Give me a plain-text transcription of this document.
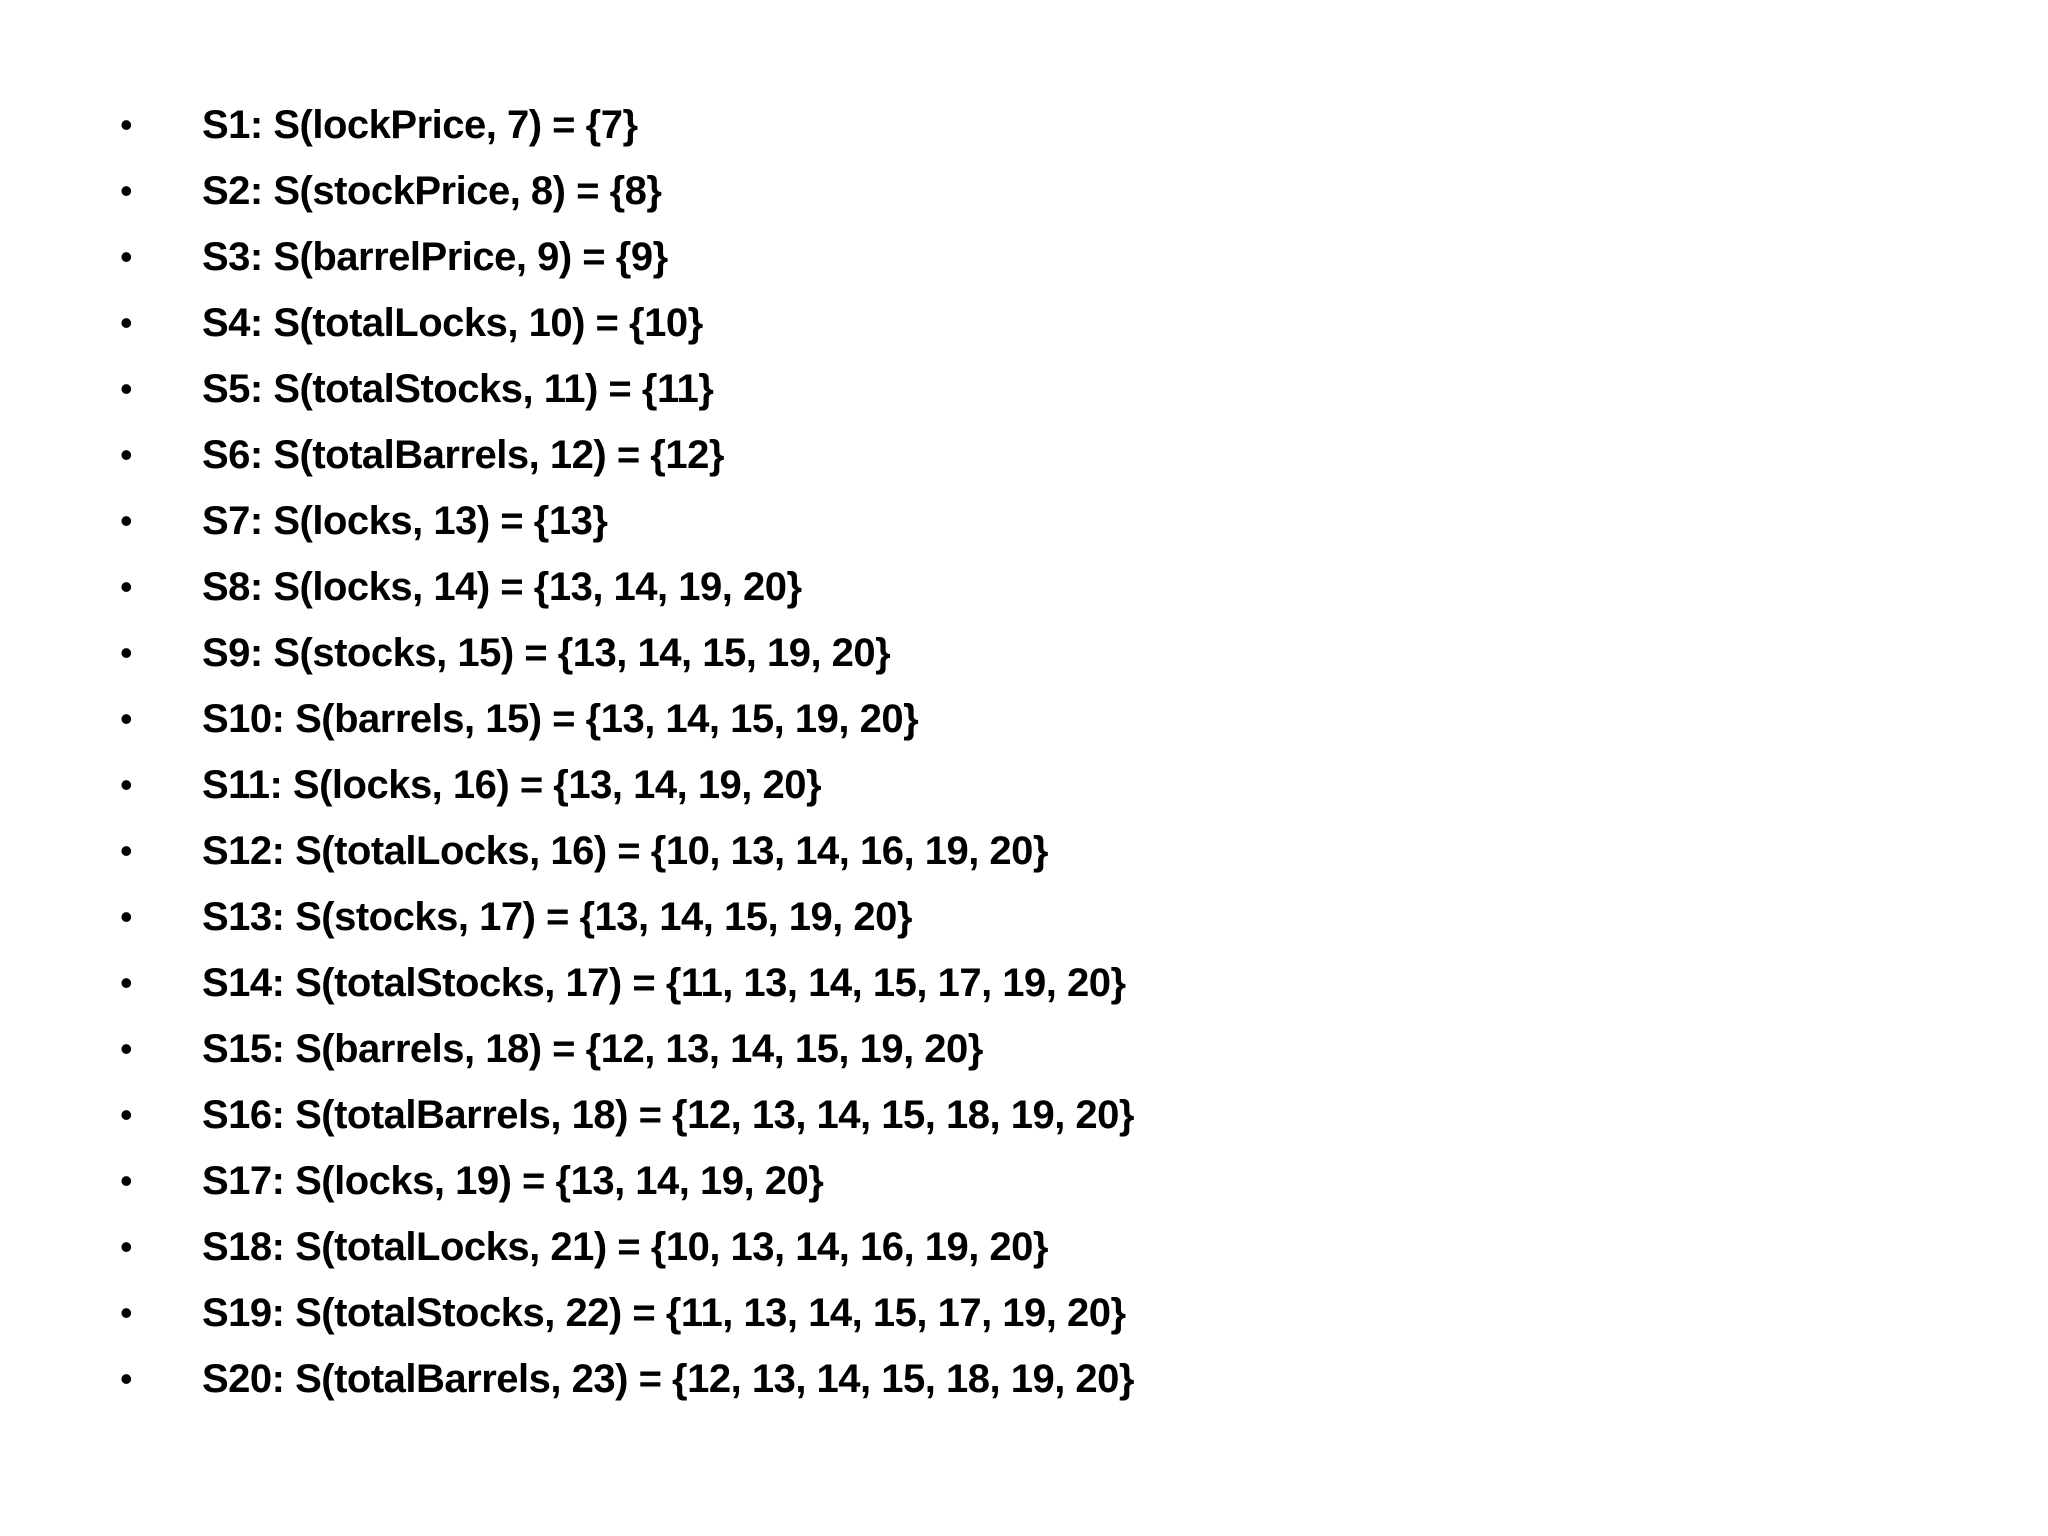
•	S1: S(lockPrice, 7) = {7}
•	S2: S(stockPrice, 8) = {8}
•	S3: S(barrelPrice, 9) = {9}
•	S4: S(totalLocks, 10) = {10}
•	S5: S(totalStocks, 11) = {11}
•	S6: S(totalBarrels, 12) = {12}
•	S7: S(locks, 13) = {13}
•	S8: S(locks, 14) = {13, 14, 19, 20}
•	S9: S(stocks, 15) = {13, 14, 15, 19, 20}
•	S10: S(barrels, 15) = {13, 14, 15, 19, 20}
•	S11: S(locks, 16) = {13, 14, 19, 20}
•	S12: S(totalLocks, 16) = {10, 13, 14, 16, 19, 20}
•	S13: S(stocks, 17) = {13, 14, 15, 19, 20}
•	S14: S(totalStocks, 17) = {11, 13, 14, 15, 17, 19, 20}
•	S15: S(barrels, 18) = {12, 13, 14, 15, 19, 20}
•	S16: S(totalBarrels, 18) = {12, 13, 14, 15, 18, 19, 20}
•	S17: S(locks, 19) = {13, 14, 19, 20}
•	S18: S(totalLocks, 21) = {10, 13, 14, 16, 19, 20}
•	S19: S(totalStocks, 22) = {11, 13, 14, 15, 17, 19, 20}
•	S20: S(totalBarrels, 23) = {12, 13, 14, 15, 18, 19, 20}
